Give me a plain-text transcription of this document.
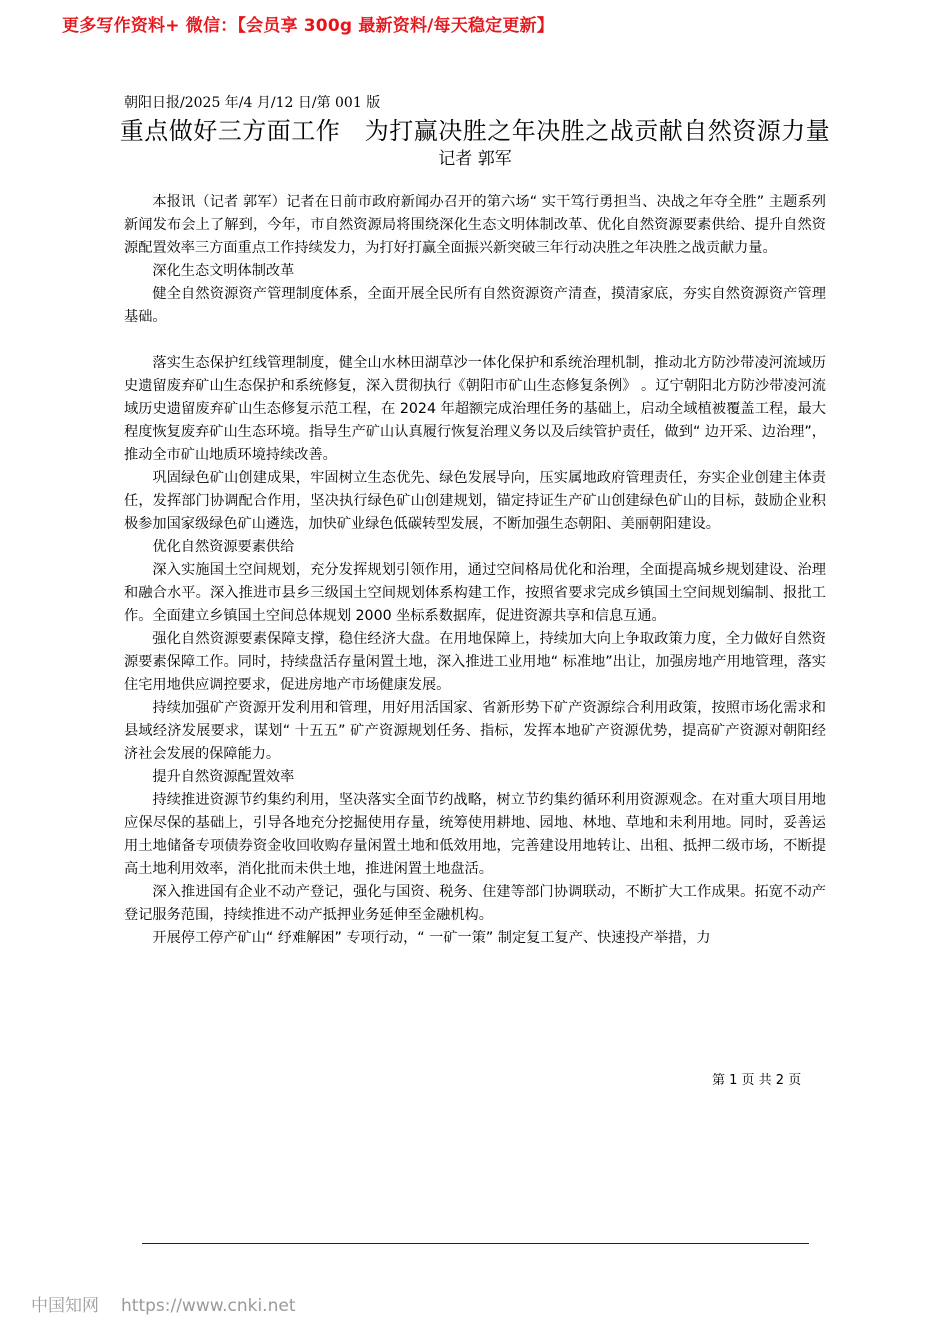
更多写作资料+ 微信：【会员享 300g 最新资料/每天稳定更新】
朝阳日报/2025 年/4 月/12 日/第 001 版
重点做好三方面工作　为打赢决胜之年决胜之战贡献自然资源力量
记者 郭军

本报讯（记者 郭军）记者在日前市政府新闻办召开的第六场“ 实干笃行勇担当、决战之年夺全胜” 主题系列新闻发布会上了解到，今年，市自然资源局将围绕深化生态文明体制改革、优化自然资源要素供给、提升自然资源配置效率三方面重点工作持续发力，为打好打赢全面振兴新突破三年行动决胜之年决胜之战贡献力量。

深化生态文明体制改革

健全自然资源资产管理制度体系，全面开展全民所有自然资源资产清查，摸清家底，夯实自然资源资产管理基础。

落实生态保护红线管理制度，健全山水林田湖草沙一体化保护和系统治理机制，推动北方防沙带凌河流域历史遗留废弃矿山生态保护和系统修复，深入贯彻执行《朝阳市矿山生态修复条例》 。辽宁朝阳北方防沙带凌河流域历史遗留废弃矿山生态修复示范工程，在 2024 年超额完成治理任务的基础上，启动全域植被覆盖工程，最大程度恢复废弃矿山生态环境。指导生产矿山认真履行恢复治理义务以及后续管护责任，做到“ 边开采、边治理”，推动全市矿山地质环境持续改善。

巩固绿色矿山创建成果，牢固树立生态优先、绿色发展导向，压实属地政府管理责任，夯实企业创建主体责任，发挥部门协调配合作用，坚决执行绿色矿山创建规划，锚定持证生产矿山创建绿色矿山的目标，鼓励企业积极参加国家级绿色矿山遴选，加快矿业绿色低碳转型发展，不断加强生态朝阳、美丽朝阳建设。

优化自然资源要素供给

深入实施国土空间规划，充分发挥规划引领作用，通过空间格局优化和治理，全面提高城乡规划建设、治理和融合水平。深入推进市县乡三级国土空间规划体系构建工作，按照省要求完成乡镇国土空间规划编制、报批工作。全面建立乡镇国土空间总体规划 2000 坐标系数据库，促进资源共享和信息互通。

强化自然资源要素保障支撑，稳住经济大盘。在用地保障上，持续加大向上争取政策力度，全力做好自然资源要素保障工作。同时，持续盘活存量闲置土地，深入推进工业用地“ 标准地”出让，加强房地产用地管理，落实住宅用地供应调控要求，促进房地产市场健康发展。

持续加强矿产资源开发利用和管理，用好用活国家、省新形势下矿产资源综合利用政策，按照市场化需求和县域经济发展要求，谋划“ 十五五” 矿产资源规划任务、指标，发挥本地矿产资源优势，提高矿产资源对朝阳经济社会发展的保障能力。

提升自然资源配置效率

持续推进资源节约集约利用，坚决落实全面节约战略，树立节约集约循环利用资源观念。在对重大项目用地应保尽保的基础上，引导各地充分挖掘使用存量，统筹使用耕地、园地、林地、草地和未利用地。同时，妥善运用土地储备专项债券资金收回收购存量闲置土地和低效用地，完善建设用地转让、出租、抵押二级市场，不断提高土地利用效率，消化批而未供土地，推进闲置土地盘活。

深入推进国有企业不动产登记，强化与国资、税务、住建等部门协调联动，不断扩大工作成果。拓宽不动产登记服务范围，持续推进不动产抵押业务延伸至金融机构。

开展停工停产矿山“ 纾难解困” 专项行动，“ 一矿一策” 制定复工复产、快速投产举措，力

第 1 页 共 2 页
中国知网 https://www.cnki.net
